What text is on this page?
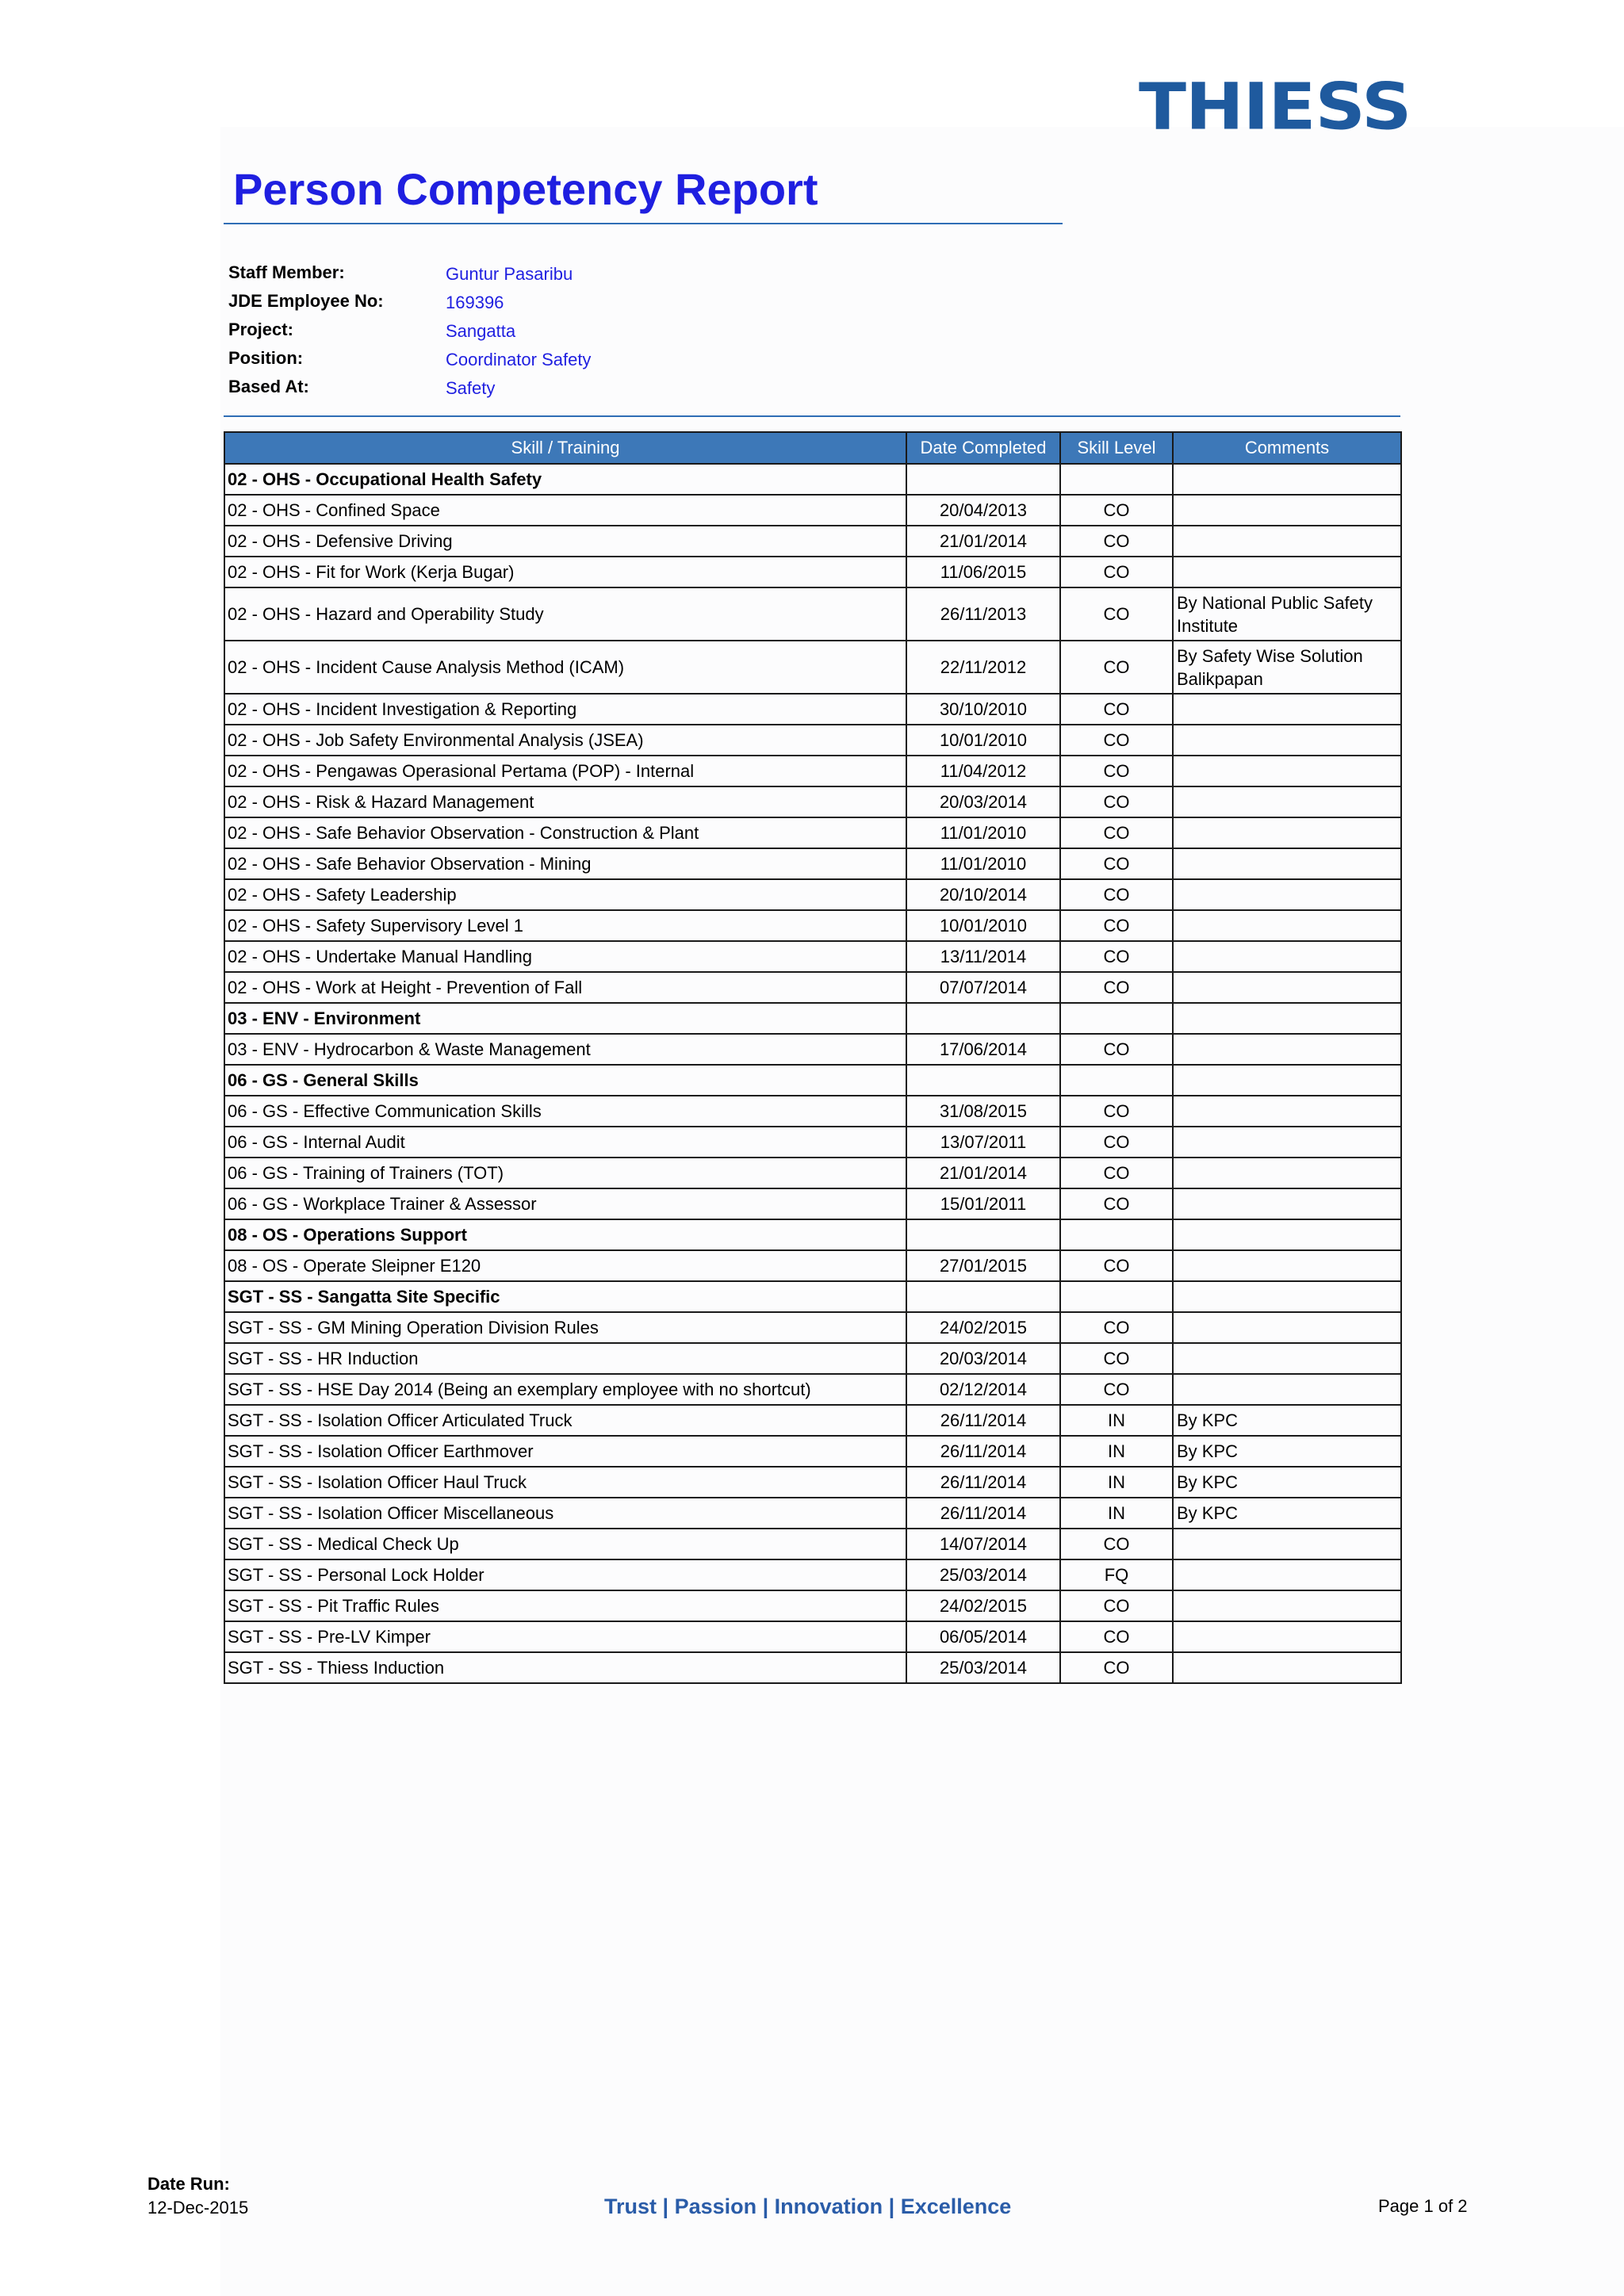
THIESS
Person Competency Report
Staff Member:	Guntur Pasaribu
JDE Employee No:	169396
Project:	Sangatta
Position:	Coordinator Safety
Based At:	Safety
Skill / Training	Date Completed	Skill Level	Comments
02 - OHS - Occupational Health Safety			
02 - OHS - Confined Space	20/04/2013	CO	
02 - OHS - Defensive Driving	21/01/2014	CO	
02 - OHS - Fit for Work (Kerja Bugar)	11/06/2015	CO	
02 - OHS - Hazard and Operability Study	26/11/2013	CO	By National Public Safety Institute
02 - OHS - Incident Cause Analysis Method (ICAM)	22/11/2012	CO	By Safety Wise Solution Balikpapan
02 - OHS - Incident Investigation & Reporting	30/10/2010	CO	
02 - OHS - Job Safety Environmental Analysis (JSEA)	10/01/2010	CO	
02 - OHS - Pengawas Operasional Pertama (POP) - Internal	11/04/2012	CO	
02 - OHS - Risk & Hazard Management	20/03/2014	CO	
02 - OHS - Safe Behavior Observation - Construction & Plant	11/01/2010	CO	
02 - OHS - Safe Behavior Observation - Mining	11/01/2010	CO	
02 - OHS - Safety Leadership	20/10/2014	CO	
02 - OHS - Safety Supervisory Level 1	10/01/2010	CO	
02 - OHS - Undertake Manual Handling	13/11/2014	CO	
02 - OHS - Work at Height - Prevention of Fall	07/07/2014	CO	
03 - ENV - Environment			
03 - ENV - Hydrocarbon & Waste Management	17/06/2014	CO	
06 - GS - General Skills			
06 - GS - Effective Communication Skills	31/08/2015	CO	
06 - GS - Internal Audit	13/07/2011	CO	
06 - GS - Training of Trainers (TOT)	21/01/2014	CO	
06 - GS - Workplace Trainer & Assessor	15/01/2011	CO	
08 - OS - Operations Support			
08 - OS - Operate Sleipner E120	27/01/2015	CO	
SGT - SS - Sangatta Site Specific			
SGT - SS - GM Mining Operation Division Rules	24/02/2015	CO	
SGT - SS - HR Induction	20/03/2014	CO	
SGT - SS - HSE Day 2014 (Being an exemplary employee with no shortcut)	02/12/2014	CO	
SGT - SS - Isolation Officer Articulated Truck	26/11/2014	IN	By KPC
SGT - SS - Isolation Officer Earthmover	26/11/2014	IN	By KPC
SGT - SS - Isolation Officer Haul Truck	26/11/2014	IN	By KPC
SGT - SS - Isolation Officer Miscellaneous	26/11/2014	IN	By KPC
SGT - SS - Medical Check Up	14/07/2014	CO	
SGT - SS - Personal Lock Holder	25/03/2014	FQ	
SGT - SS - Pit Traffic Rules	24/02/2015	CO	
SGT - SS - Pre-LV Kimper	06/05/2014	CO	
SGT - SS - Thiess Induction	25/03/2014	CO	
Date Run:
12-Dec-2015	Trust | Passion | Innovation | Excellence	Page 1 of 2
